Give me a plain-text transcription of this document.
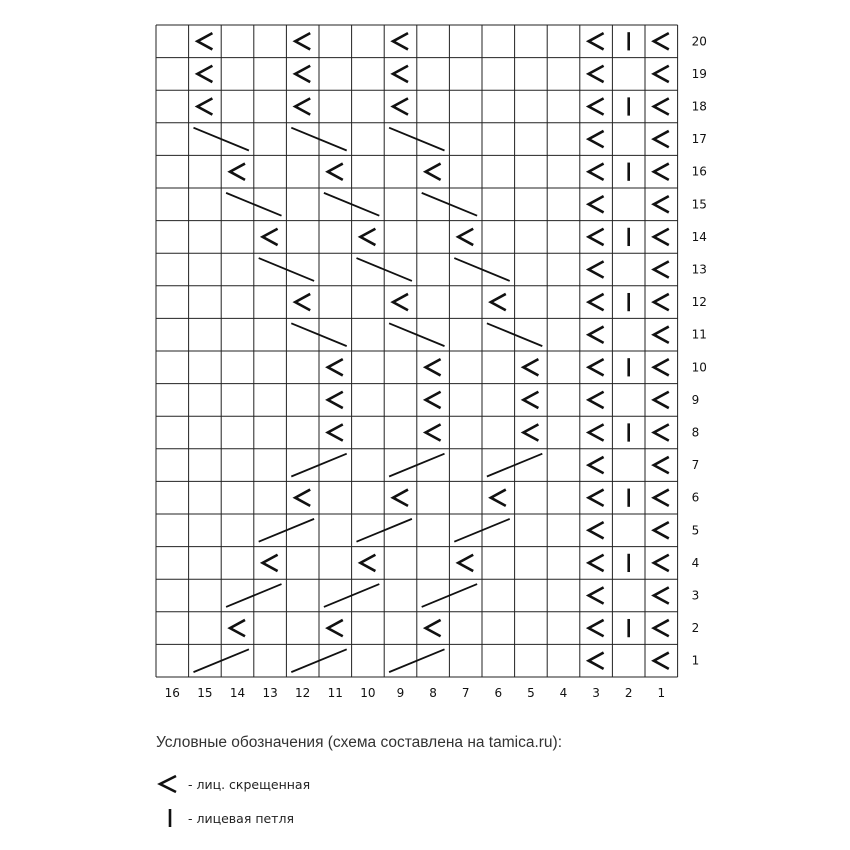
20
19
18
17
16
15
14
13
12
11
10
9
8
7
6
5
4
3
2
1
16 15 14 13 12 11 10 9 8 7 6 5 4 3 2 1
Условные обозначения (схема составлена на tamica.ru):
- лиц. скрещенная
- лицевая петля
